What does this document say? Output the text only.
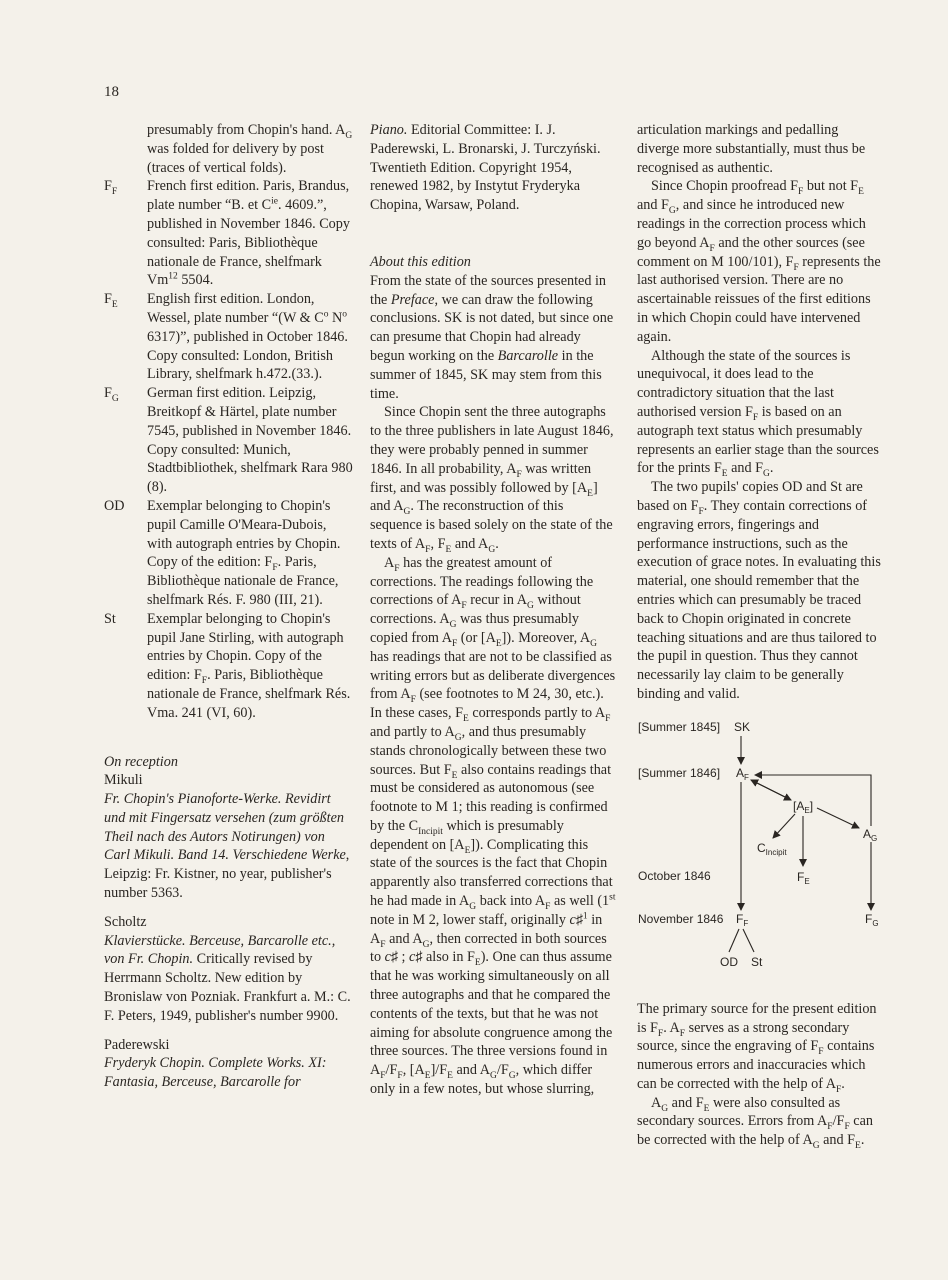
18

presumably from Chopin's hand. $A_G$ was folded for delivery by post (traces of vertical folds).

$F_F$	French first edition. Paris, Brandus, plate number “B. et $C^{ie}$. 4609.”, published in November 1846. Copy consulted: Paris, Bibliothèque nationale de France, shelfmark Vm$^{12}$ 5504.
$F_E$	English first edition. London, Wessel, plate number “(W & $C^o$ $N^o$ 6317)”, published in October 1846. Copy consulted: London, British Library, shelfmark h.472.(33.).
$F_G$	German first edition. Leipzig, Breitkopf & Härtel, plate number 7545, published in November 1846. Copy consulted: Munich, Stadtbibliothek, shelfmark Rara 980 (8).
OD	Exemplar belonging to Chopin's pupil Camille O'Meara-Dubois, with autograph entries by Chopin. Copy of the edition: $F_F$. Paris, Bibliothèque nationale de France, shelfmark Rés. F. 980 (III, 21).
St	Exemplar belonging to Chopin's pupil Jane Stirling, with autograph entries by Chopin. Copy of the edition: $F_F$. Paris, Bibliothèque nationale de France, shelfmark Rés. Vma. 241 (VI, 60).

On reception

Mikuli

Fr. Chopin's Pianoforte-Werke. Revidirt und mit Fingersatz versehen (zum größten Theil nach des Autors Notirungen) von Carl Mikuli. Band 14. Verschiedene Werke, Leipzig: Fr. Kistner, no year, publisher's number 5363.

Scholtz

Klavierstücke. Berceuse, Barcarolle etc., von Fr. Chopin. Critically revised by Herrmann Scholtz. New edition by Bronislaw von Pozniak. Frankfurt a. M.: C. F. Peters, 1949, publisher's number 9900.

Paderewski

Fryderyk Chopin. Complete Works. XI: Fantasia, Berceuse, Barcarolle for

Piano. Editorial Committee: I. J. Paderewski, L. Bronarski, J. Turczyński. Twentieth Edition. Copyright 1954, renewed 1982, by Instytut Fryderyka Chopina, Warsaw, Poland.

About this edition

From the state of the sources presented in the Preface, we can draw the following conclusions. SK is not dated, but since one can presume that Chopin had already begun working on the Barcarolle in the summer of 1845, SK may stem from this time.

Since Chopin sent the three autographs to the three publishers in late August 1846, they were probably penned in summer 1846. In all probability, $A_F$ was written first, and was possibly followed by $[A_E]$ and $A_G$. The reconstruction of this sequence is based solely on the state of the texts of $A_F$, $F_E$ and $A_G$.

$A_F$ has the greatest amount of corrections. The readings following the corrections of $A_F$ recur in $A_G$ without corrections. $A_G$ was thus presumably copied from $A_F$ (or $[A_E]$). Moreover, $A_G$ has readings that are not to be classified as writing errors but as deliberate divergences from $A_F$ (see footnotes to M 24, 30, etc.). In these cases, $F_E$ corresponds partly to $A_F$ and partly to $A_G$, and thus presumably stands chronologically between these two sources. But $F_E$ also contains readings that must be considered as autonomous (see footnote to M 1; this reading is confirmed by the $C_{Incipit}$ which is presumably dependent on $[A_E]$). Complicating this state of the sources is the fact that Chopin apparently also transferred corrections that he had made in $A_G$ back into $A_F$ as well (1st note in M 2, lower staff, originally c♯$^1$ in $A_F$ and $A_G$, then corrected in both sources to c♯ ; c♯ also in $F_E$). One can thus assume that he was working simultaneously on all three autographs and that he compared the contents of the texts, but that he was not aiming for absolute congruence among the three sources. The three versions found in $A_F/F_F$, $[A_E]/F_E$ and $A_G/F_G$, which differ only in a few notes, but whose slurring,

articulation markings and pedalling diverge more substantially, must thus be recognised as authentic.

Since Chopin proofread $F_F$ but not $F_E$ and $F_G$, and since he introduced new readings in the correction process which go beyond $A_F$ and the other sources (see comment on M 100/101), $F_F$ represents the last authorised version. There are no ascertainable reissues of the first editions in which Chopin could have intervened again.

Although the state of the sources is unequivocal, it does lead to the contradictory situation that the last authorised version $F_F$ is based on an autograph text status which presumably represents an earlier stage than the sources for the prints $F_E$ and $F_G$.

The two pupils' copies OD and St are based on $F_F$. They contain corrections of engraving errors, fingerings and performance instructions, such as the execution of grace notes. In evaluating this material, one should remember that the entries which can presumably be traced back to Chopin originated in concrete teaching situations and are thus tailored to the pupil in question. Thus they cannot necessarily lay claim to be generally binding and valid.

[Summer 1845]
[Summer 1846]
October 1846
November 1846
SK
$A_F$
$[A_E]$
$A_G$
$C_{Incipit}$
$F_E$
$F_F$	$F_G$
OD St

The primary source for the present edition is $F_F$. $A_F$ serves as a strong secondary source, since the engraving of $F_F$ contains numerous errors and inaccuracies which can be corrected with the help of $A_F$.

$A_G$ and $F_E$ were also consulted as secondary sources. Errors from $A_F/F_F$ can be corrected with the help of $A_G$ and $F_E$.
